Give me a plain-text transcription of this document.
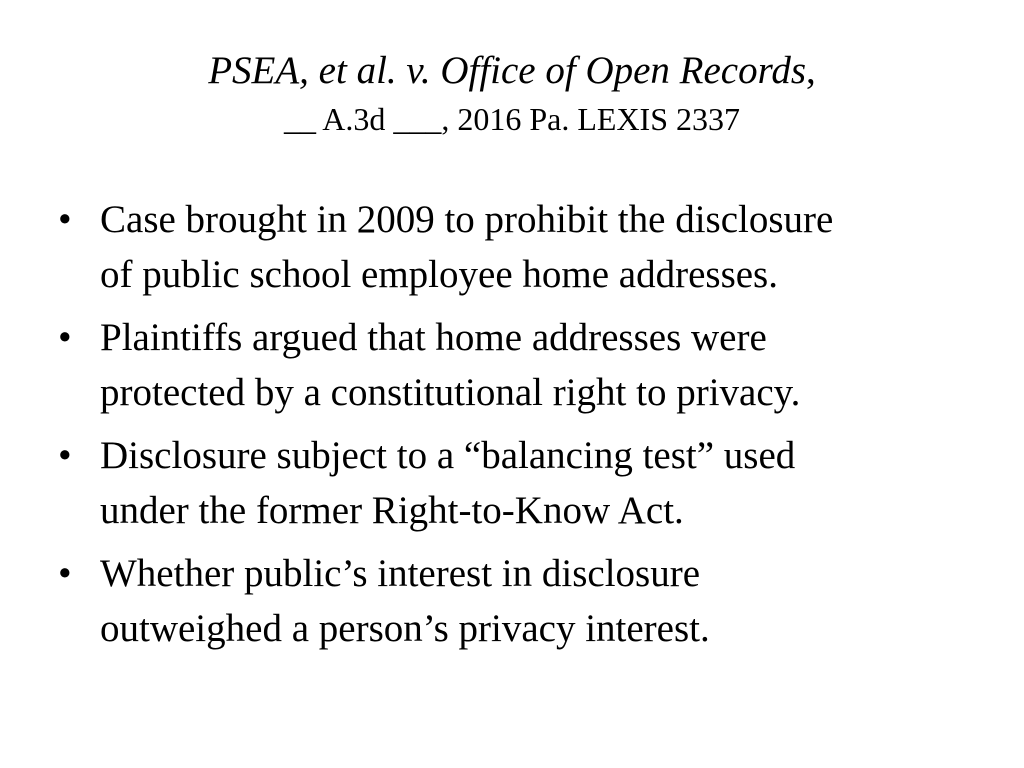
PSEA, et al. v. Office of Open Records,
__ A.3d ___, 2016 Pa. LEXIS 2337
• Case brought in 2009 to prohibit the disclosure
of public school employee home addresses.
• Plaintiffs argued that home addresses were
protected by a constitutional right to privacy.
• Disclosure subject to a “balancing test” used
under the former Right-to-Know Act.
• Whether public’s interest in disclosure
outweighed a person’s privacy interest.
